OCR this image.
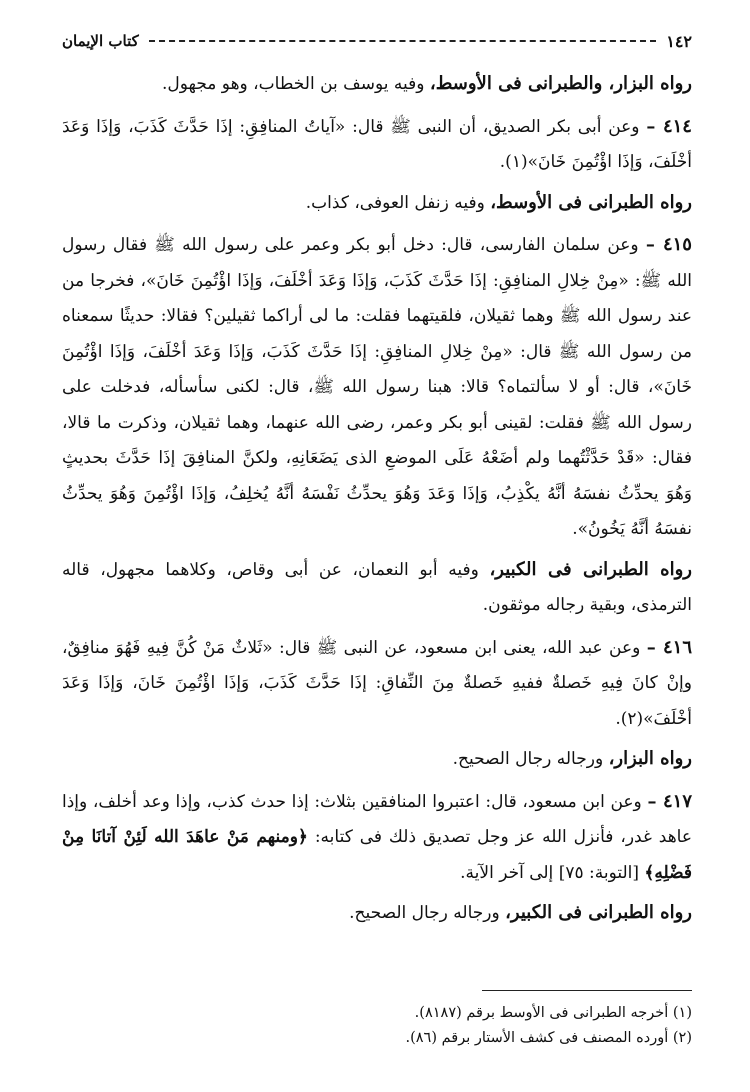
١٤٢
كتاب الإيمان

رواه البزار، والطبرانى فى الأوسط، وفيه يوسف بن الخطاب، وهو مجهول.

٤١٤ – وعن أبى بكر الصديق، أن النبى ﷺ قال: «آياتُ المنافِقِ: إذَا حَدَّثَ كَذَبَ، وَإذَا وَعَدَ أخْلَفَ، وَإذَا اؤْتُمِنَ خَانَ»(١).

رواه الطبرانى فى الأوسط، وفيه زنفل العوفى، كذاب.

٤١٥ – وعن سلمان الفارسى، قال: دخل أبو بكر وعمر على رسول الله ﷺ فقال رسول الله ﷺ: «مِنْ خِلالِ المنافِقِ: إذَا حَدَّثَ كَذَبَ، وَإذَا وَعَدَ أخْلَفَ، وَإذَا اؤْتُمِنَ خَانَ»، فخرجا من عند رسول الله ﷺ وهما ثقيلان، فلقيتهما فقلت: ما لى أراكما ثقيلين؟ فقالا: حديثًا سمعناه من رسول الله ﷺ قال: «مِنْ خِلالِ المنافِقِ: إذَا حَدَّثَ كَذَبَ، وَإذَا وَعَدَ أخْلَفَ، وَإذَا اؤْتُمِنَ خَانَ»، قال: أو لا سألتماه؟ قالا: هبنا رسول الله ﷺ، قال: لكنى سأسأله، فدخلت على رسول الله ﷺ فقلت: لقينى أبو بكر وعمر، رضى الله عنهما، وهما ثقيلان، وذكرت ما قالا، فقال: «قَدْ حَدَّثْتُهما ولم أضَعْهُ عَلَى الموضعِ الذى يَضَعَانِهِ، ولكنَّ المنافِقَ إذَا حَدَّثَ بحديثٍ وَهُوَ يحدِّثُ نفسَهُ أنَّهُ يكْذِبُ، وَإذَا وَعَدَ وَهُوَ يحدِّثُ نَفْسَهُ أنَّهُ يُخلِفُ، وَإذَا اؤْتُمِنَ وَهُوَ يحدِّثُ نفسَهُ أنَّهُ يَخُونُ».

رواه الطبرانى فى الكبير، وفيه أبو النعمان، عن أبى وقاص، وكلاهما مجهول، قاله الترمذى، وبقية رجاله موثقون.

٤١٦ – وعن عبد الله، يعنى ابن مسعود، عن النبى ﷺ قال: «ثَلاثٌ مَنْ كُنَّ فِيهِ فَهُوَ منافِقٌ، وإنْ كانَ فِيهِ خَصلةٌ ففيهِ خَصلةٌ مِنَ النِّفاقِ: إذَا حَدَّثَ كَذَبَ، وَإذَا اؤْتُمِنَ خَانَ، وَإذَا وَعَدَ أخْلَفَ»(٢).

رواه البزار، ورجاله رجال الصحيح.

٤١٧ – وعن ابن مسعود، قال: اعتبروا المنافقين بثلاث: إذا حدث كذب، وإذا وعد أخلف، وإذا عاهد غدر، فأنزل الله عز وجل تصديق ذلك فى كتابه: ﴿ومنهم مَنْ عاهَدَ الله لَئِنْ آتانَا مِنْ فَضْلِهِ﴾ [التوبة: ٧٥] إلى آخر الآية.

رواه الطبرانى فى الكبير، ورجاله رجال الصحيح.

(١) أخرجه الطبرانى فى الأوسط برقم (٨١٨٧).

(٢) أورده المصنف فى كشف الأستار برقم (٨٦).
